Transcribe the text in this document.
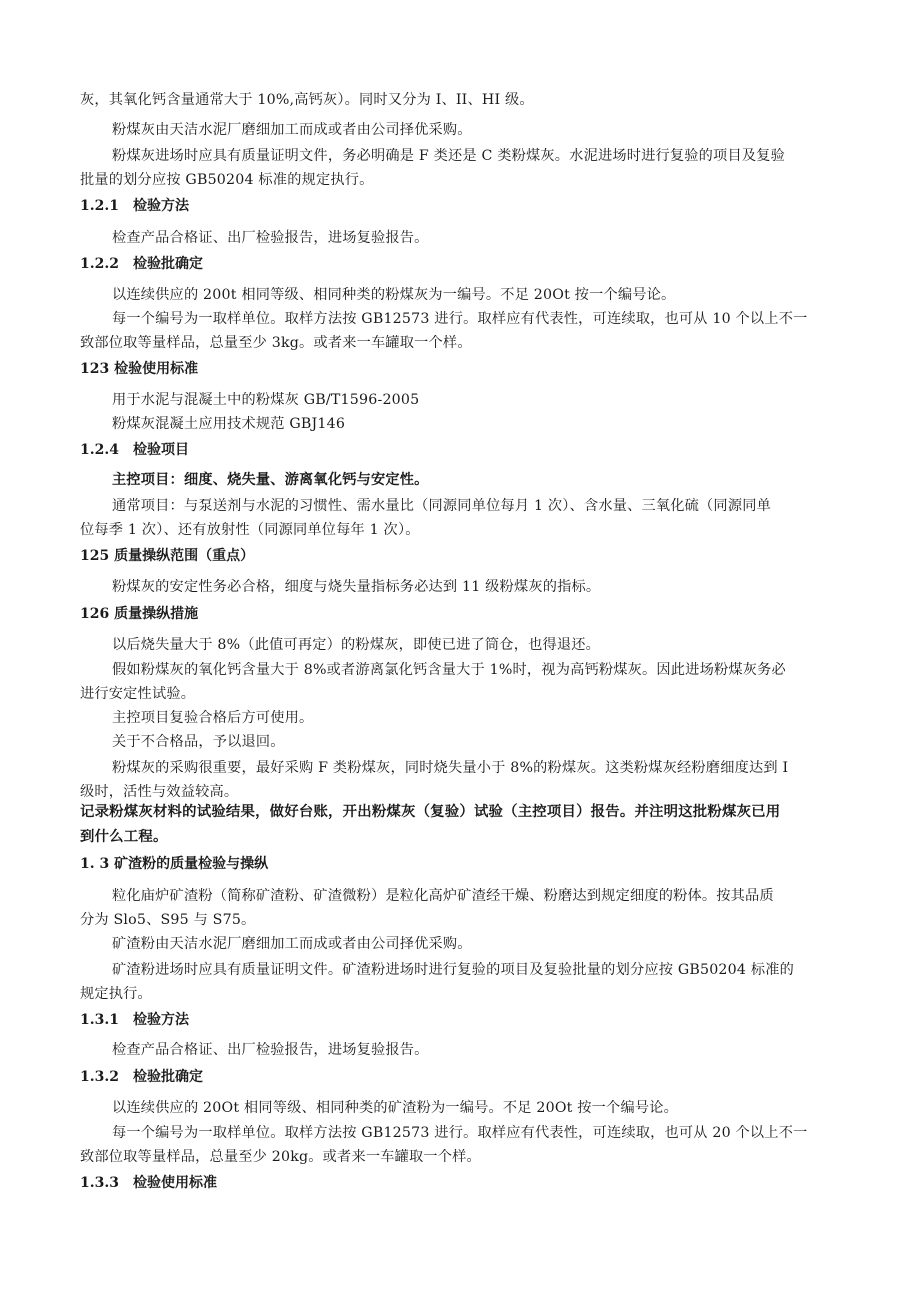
灰，其氧化钙含量通常大于 10%,高钙灰）。同时又分为 I、II、HI 级。

粉煤灰由天洁水泥厂磨细加工而成或者由公司择优采购。

粉煤灰进场时应具有质量证明文件，务必明确是 F 类还是 C 类粉煤灰。水泥进场时进行复验的项目及复验

批量的划分应按 GB50204 标准的规定执行。

1.2.1　检验方法

检查产品合格证、出厂检验报告，进场复验报告。

1.2.2　检验批确定

以连续供应的 200t 相同等级、相同种类的粉煤灰为一编号。不足 20Ot 按一个编号论。

每一个编号为一取样单位。取样方法按 GB12573 进行。取样应有代表性，可连续取，也可从 10 个以上不一

致部位取等量样品，总量至少 3kg。或者来一车罐取一个样。

123 检验使用标准

用于水泥与混凝土中的粉煤灰 GB/T1596-2005

粉煤灰混凝土应用技术规范 GBJ146

1.2.4　检验项目

主控项目：细度、烧失量、游离氧化钙与安定性。

通常项目：与泵送剂与水泥的习惯性、需水量比（同源同单位每月 1 次）、含水量、三氧化硫（同源同单

位每季 1 次）、还有放射性（同源同单位每年 1 次）。

125 质量操纵范围（重点）

粉煤灰的安定性务必合格，细度与烧失量指标务必达到 11 级粉煤灰的指标。

126 质量操纵措施

以后烧失量大于 8%（此值可再定）的粉煤灰，即使已进了筒仓，也得退还。

假如粉煤灰的氧化钙含量大于 8%或者游离氯化钙含量大于 1%时，视为高钙粉煤灰。因此进场粉煤灰务必

进行安定性试验。

主控项目复验合格后方可使用。

关于不合格品，予以退回。

粉煤灰的采购很重要，最好采购 F 类粉煤灰，同时烧失量小于 8%的粉煤灰。这类粉煤灰经粉磨细度达到 I

级时，活性与效益较高。

记录粉煤灰材料的试验结果，做好台账，开出粉煤灰（复验）试验（主控项目）报告。并注明这批粉煤灰已用

到什么工程。

1. 3 矿渣粉的质量检验与操纵

粒化庙炉矿渣粉（简称矿渣粉、矿渣微粉）是粒化高炉矿渣经干燥、粉磨达到规定细度的粉体。按其品质

分为 Slo5、S95 与 S75。

矿渣粉由天洁水泥厂磨细加工而成或者由公司择优采购。

矿渣粉进场时应具有质量证明文件。矿渣粉进场时进行复验的项目及复验批量的划分应按 GB50204 标准的

规定执行。

1.3.1　检验方法

检查产品合格证、出厂检验报告，进场复验报告。

1.3.2　检验批确定

以连续供应的 20Ot 相同等级、相同种类的矿渣粉为一编号。不足 20Ot 按一个编号论。

每一个编号为一取样单位。取样方法按 GB12573 进行。取样应有代表性，可连续取，也可从 20 个以上不一

致部位取等量样品，总量至少 20kg。或者来一车罐取一个样。

1.3.3　检验使用标准
